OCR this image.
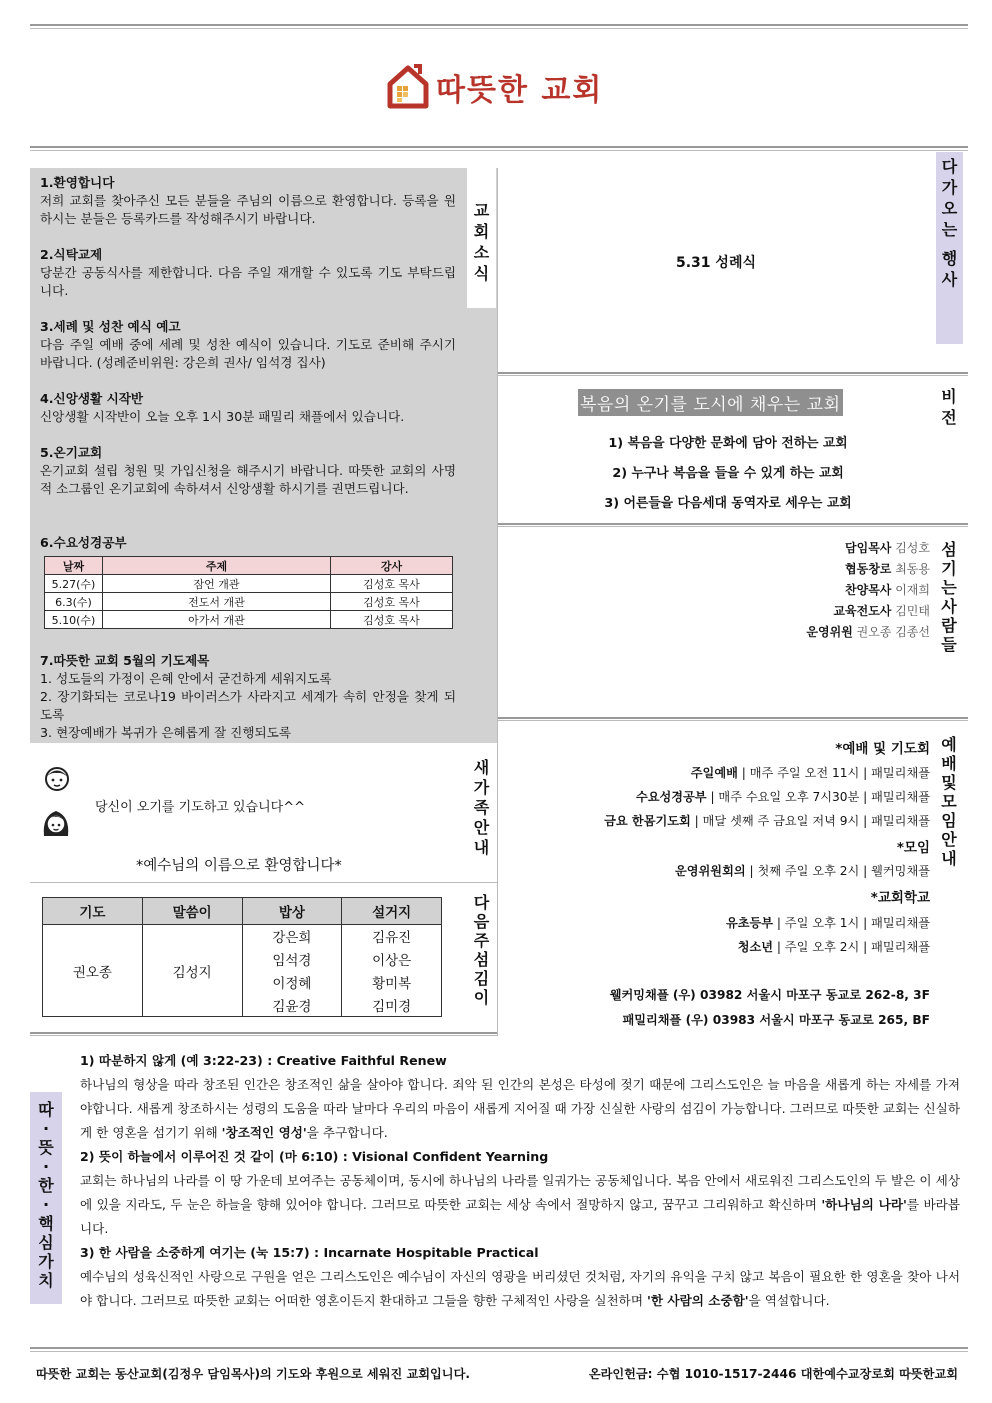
따뜻한 교회
교
회
소
식
1.환영합니다
저희 교회를 찾아주신 모든 분들을 주님의 이름으로 환영합니다. 등록을 원하시는 분들은 등록카드를 작성해주시기 바랍니다.
2.식탁교제
당분간 공동식사를 제한합니다. 다음 주일 재개할 수 있도록 기도 부탁드립니다.
3.세례 및 성찬 예식 예고
다음 주일 예배 중에 세례 및 성찬 예식이 있습니다. 기도로 준비해 주시기 바랍니다. (성례준비위원: 강은희 권사/ 임석경 집사)
4.신앙생활 시작반
신앙생활 시작반이 오늘 오후 1시 30분 패밀리 채플에서 있습니다.
5.온기교회
온기교회 설립 청원 및 가입신청을 해주시기 바랍니다. 따뜻한 교회의 사명적 소그룹인 온기교회에 속하셔서 신앙생활 하시기를 권면드립니다.
6.수요성경공부
날짜	주제	강사
5.27(수)	잠언 개관	김성호 목사
6.3(수)	전도서 개관	김성호 목사
5.10(수)	아가서 개관	김성호 목사
7.따뜻한 교회 5월의 기도제목
1. 성도들의 가정이 은혜 안에서 굳건하게 세워지도록
2. 장기화되는 코로나19 바이러스가 사라지고 세계가 속히 안정을 찾게 되도록
3. 현장예배가 복귀가 은혜롭게 잘 진행되도록
다
가
오
는
행
사
5.31 성례식
복음의 온기를 도시에 채우는 교회	비
전
1) 복음을 다양한 문화에 담아 전하는 교회
2) 누구나 복음을 들을 수 있게 하는 교회
3) 어른들을 다음세대 동역자로 세우는 교회
섬
기
는
사
람
들
담임목사 김성호
협동창로 최동용
찬양목사 이재희
교육전도사 김민태
운영위원 권오종 김종선
예
배
및
모
임
안
내
*예배 및 기도회
주일예배 | 매주 주일 오전 11시 | 패밀리채플
수요성경공부 | 매주 수요일 오후 7시30분 | 패밀리채플
금요 한몸기도회 | 매달 셋째 주 금요일 저녁 9시 | 패밀리채플
*모임
운영위원회의 | 첫째 주일 오후 2시 | 웰커밍채플
*교회학교
유초등부 | 주일 오후 1시 | 패밀리채플
청소년 | 주일 오후 2시 | 패밀리채플
웰커밍채플 (우) 03982 서울시 마포구 동교로 262-8, 3F
패밀리채플 (우) 03983 서울시 마포구 동교로 265, BF
당신이 오기를 기도하고 있습니다^^
*예수님의 이름으로 환영합니다*
새
가
족
안
내
기도	말씀이	밥상	설거지
권오종	김성지	강은희	김유진
		임석경	이상은
		이정혜	황미복
		김윤경	김미경
다
음
주
섬
김
이
따
·
뜻
·
한
·
핵
심
가
치
1) 따분하지 않게 (예 3:22-23) : Creative Faithful Renew
하나님의 형상을 따라 창조된 인간은 창조적인 삶을 살아야 합니다. 죄악 된 인간의 본성은 타성에 젖기 때문에 그리스도인은 늘 마음을 새롭게 하는 자세를 가져야합니다. 새롭게 창조하시는 성령의 도움을 따라 날마다 우리의 마음이 새롭게 지어질 때 가장 신실한 사랑의 섬김이 가능합니다. 그러므로 따뜻한 교회는 신실하게 한 영혼을 섬기기 위해 '창조적인 영성'을 추구합니다.
2) 뜻이 하늘에서 이루어진 것 같이 (마 6:10) : Visional Confident Yearning
교회는 하나님의 나라를 이 땅 가운데 보여주는 공동체이며, 동시에 하나님의 나라를 일궈가는 공동체입니다. 복음 안에서 새로워진 그리스도인의 두 발은 이 세상에 있을 지라도, 두 눈은 하늘을 향해 있어야 합니다. 그러므로 따뜻한 교회는 세상 속에서 절망하지 않고, 꿈꾸고 그리워하고 확신하며 '하나님의 나라'를 바라봅니다.
3) 한 사람을 소중하게 여기는 (눅 15:7) : Incarnate Hospitable Practical
예수님의 성육신적인 사랑으로 구원을 얻은 그리스도인은 예수님이 자신의 영광을 버리셨던 것처럼, 자기의 유익을 구치 않고 복음이 필요한 한 영혼을 찾아 나서야 합니다. 그러므로 따뜻한 교회는 어떠한 영혼이든지 환대하고 그들을 향한 구체적인 사랑을 실천하며 '한 사람의 소중함'을 역설합니다.
따뜻한 교회는 동산교회(김정우 담임목사)의 기도와 후원으로 세워진 교회입니다.	온라인헌금: 수협 1010-1517-2446 대한예수교장로회 따뜻한교회
